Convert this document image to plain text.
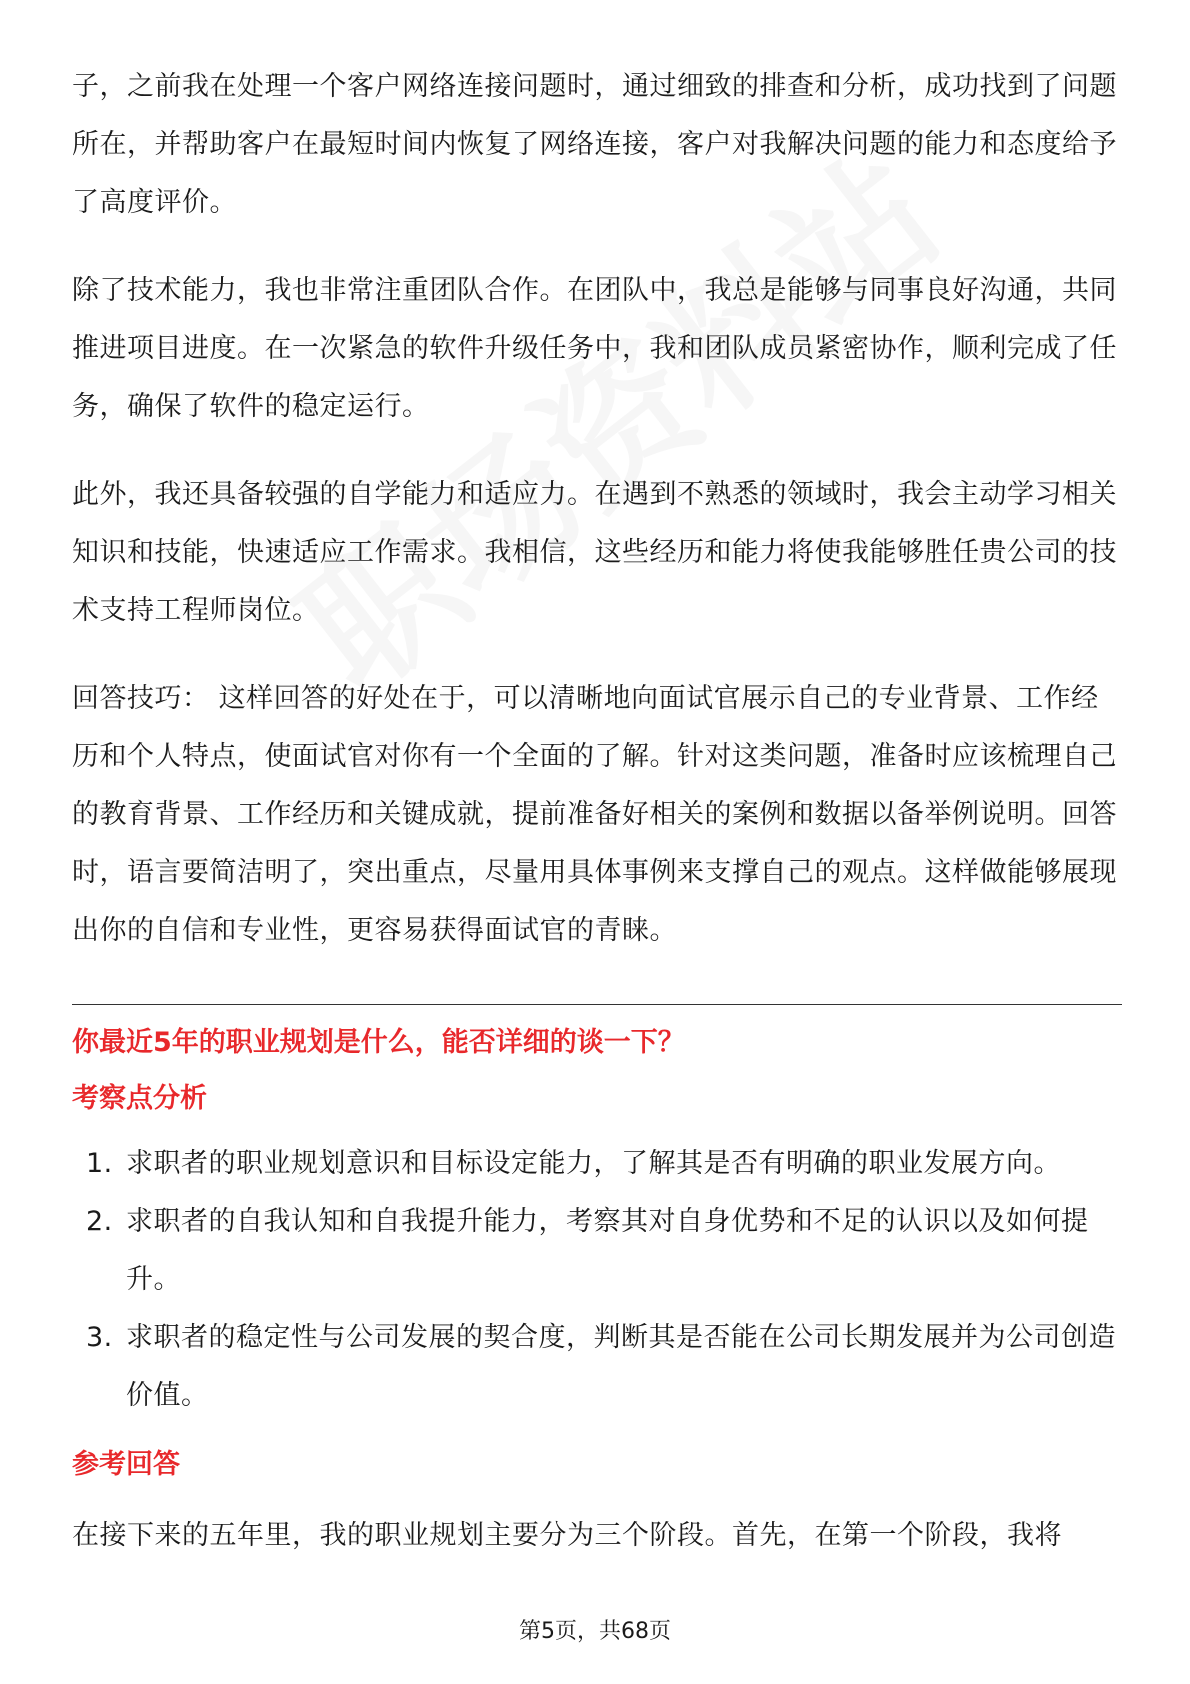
子，之前我在处理一个客户网络连接问题时，通过细致的排查和分析，成功找到了问题所在，并帮助客户在最短时间内恢复了网络连接，客户对我解决问题的能力和态度给予了高度评价。

除了技术能力，我也非常注重团队合作。在团队中，我总是能够与同事良好沟通，共同推进项目进度。在一次紧急的软件升级任务中，我和团队成员紧密协作，顺利完成了任务，确保了软件的稳定运行。

此外，我还具备较强的自学能力和适应力。在遇到不熟悉的领域时，我会主动学习相关知识和技能，快速适应工作需求。我相信，这些经历和能力将使我能够胜任贵公司的技术支持工程师岗位。

回答技巧： 这样回答的好处在于，可以清晰地向面试官展示自己的专业背景、工作经历和个人特点，使面试官对你有一个全面的了解。针对这类问题，准备时应该梳理自己的教育背景、工作经历和关键成就，提前准备好相关的案例和数据以备举例说明。回答时，语言要简洁明了，突出重点，尽量用具体事例来支撑自己的观点。这样做能够展现出你的自信和专业性，更容易获得面试官的青睐。

你最近5年的职业规划是什么，能否详细的谈一下？

考察点分析

1. 求职者的职业规划意识和目标设定能力，了解其是否有明确的职业发展方向。
2. 求职者的自我认知和自我提升能力，考察其对自身优势和不足的认识以及如何提升。
3. 求职者的稳定性与公司发展的契合度，判断其是否能在公司长期发展并为公司创造价值。

参考回答

在接下来的五年里，我的职业规划主要分为三个阶段。首先，在第一个阶段，我将

第5页，共68页
